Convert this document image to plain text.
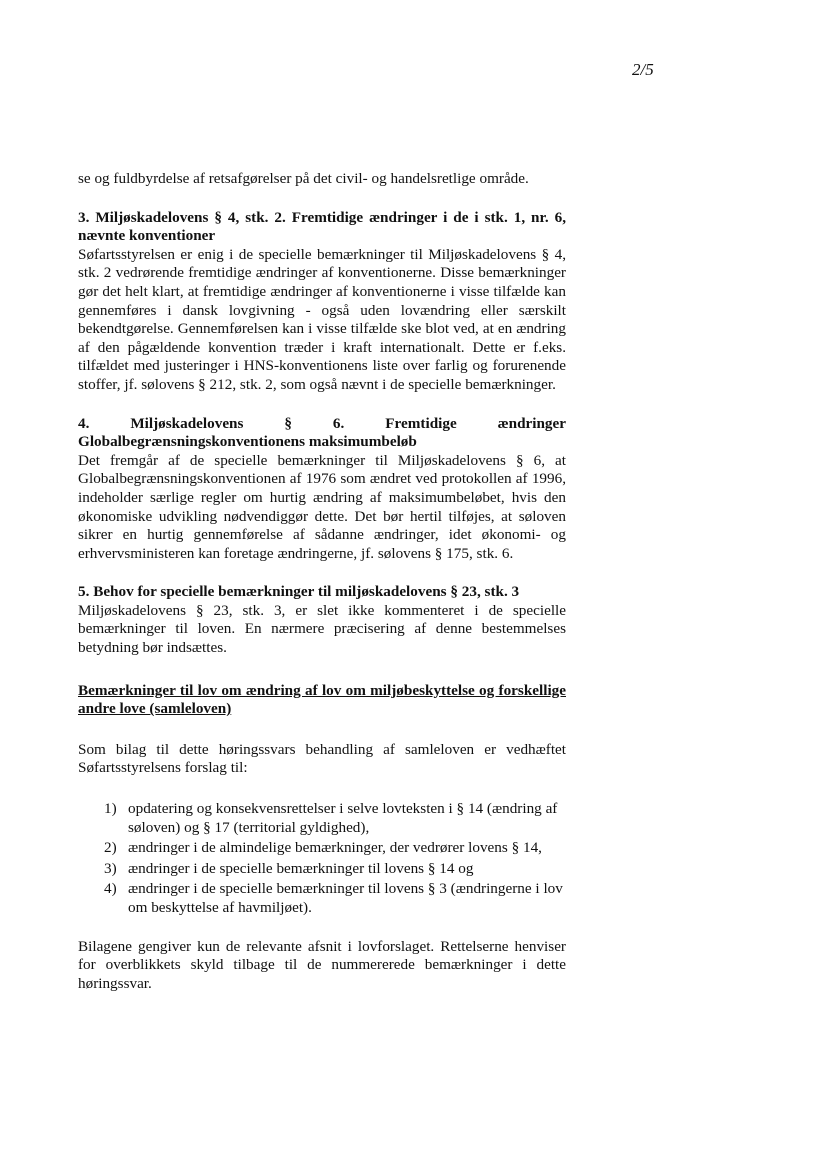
2/5

se og fuldbyrdelse af retsafgørelser på det civil- og handelsretlige område.

3. Miljøskadelovens § 4, stk. 2. Fremtidige ændringer i de i stk. 1, nr. 6, nævnte konventioner

Søfartsstyrelsen er enig i de specielle bemærkninger til Miljøskadelovens § 4, stk. 2 vedrørende fremtidige ændringer af konventionerne. Disse bemærkninger gør det helt klart, at fremtidige ændringer af konventionerne i visse tilfælde kan gennemføres i dansk lovgivning - også uden lovændring eller særskilt bekendtgørelse. Gennemførelsen kan i visse tilfælde ske blot ved, at en ændring af den pågældende konvention træder i kraft internationalt. Dette er f.eks. tilfældet med justeringer i HNS-konventionens liste over farlig og forurenende stoffer, jf. sølovens § 212, stk. 2, som også nævnt i de specielle bemærkninger.

4. Miljøskadelovens § 6. Fremtidige ændringer Globalbegrænsningskonventionens maksimumbeløb

Det fremgår af de specielle bemærkninger til Miljøskadelovens § 6, at Globalbegrænsningskonventionen af 1976 som ændret ved protokollen af 1996, indeholder særlige regler om hurtig ændring af maksimumbeløbet, hvis den økonomiske udvikling nødvendiggør dette. Det bør hertil tilføjes, at søloven sikrer en hurtig gennemførelse af sådanne ændringer, idet økonomi- og erhvervsministeren kan foretage ændringerne, jf. sølovens § 175, stk. 6.

5. Behov for specielle bemærkninger til miljøskadelovens § 23, stk. 3

Miljøskadelovens § 23, stk. 3, er slet ikke kommenteret i de specielle bemærkninger til loven. En nærmere præcisering af denne bestemmelses betydning bør indsættes.

Bemærkninger til lov om ændring af lov om miljøbeskyttelse og forskellige andre love (samleloven)

Som bilag til dette høringssvars behandling af samleloven er vedhæftet Søfartsstyrelsens forslag til:

1) opdatering og konsekvensrettelser i selve lovteksten i § 14 (ændring af søloven) og § 17 (territorial gyldighed),
2) ændringer i de almindelige bemærkninger, der vedrører lovens § 14,
3) ændringer i de specielle bemærkninger til lovens § 14 og
4) ændringer i de specielle bemærkninger til lovens § 3 (ændringerne i lov om beskyttelse af havmiljøet).

Bilagene gengiver kun de relevante afsnit i lovforslaget. Rettelserne henviser for overblikkets skyld tilbage til de nummererede bemærkninger i dette høringssvar.
